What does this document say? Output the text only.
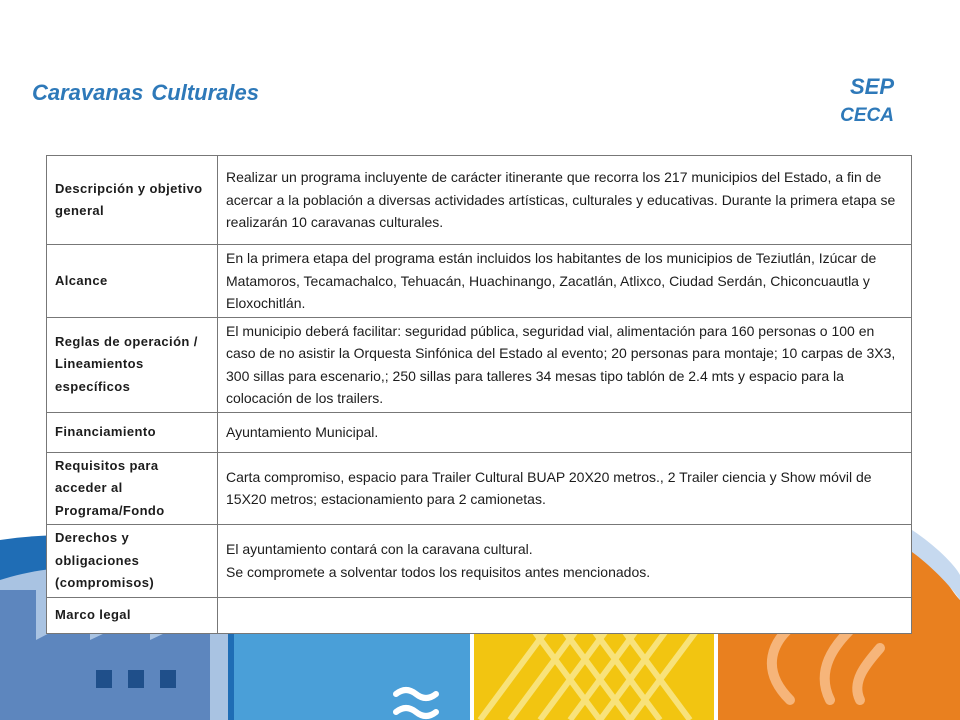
Caravanas Culturales	SEP
CECA
Descripción y objetivo general	Realizar un programa incluyente de carácter itinerante que recorra los 217 municipios del Estado, a fin de acercar a la población a diversas actividades artísticas, culturales y educativas. Durante la primera etapa se realizarán 10 caravanas culturales.
Alcance	En la primera etapa del programa están incluidos los habitantes de los municipios de Teziutlán, Izúcar de Matamoros, Tecamachalco, Tehuacán, Huachinango, Zacatlán, Atlixco, Ciudad Serdán, Chiconcuautla y Eloxochitlán.
Reglas de operación / Lineamientos específicos	El municipio deberá facilitar: seguridad pública, seguridad vial, alimentación para 160 personas o 100 en caso de no asistir la Orquesta Sinfónica del Estado al evento; 20 personas para montaje; 10 carpas de 3X3, 300 sillas para escenario,; 250 sillas para talleres 34 mesas tipo tablón de 2.4 mts y espacio para la colocación de los trailers.
Financiamiento	Ayuntamiento Municipal.
Requisitos para acceder al Programa/Fondo	Carta compromiso, espacio para Trailer Cultural BUAP 20X20 metros., 2 Trailer ciencia y Show móvil de 15X20 metros; estacionamiento para 2 camionetas.
Derechos y obligaciones (compromisos)	El ayuntamiento contará con la caravana cultural.
Se compromete a solventar todos los requisitos antes mencionados.

Marco legal	
